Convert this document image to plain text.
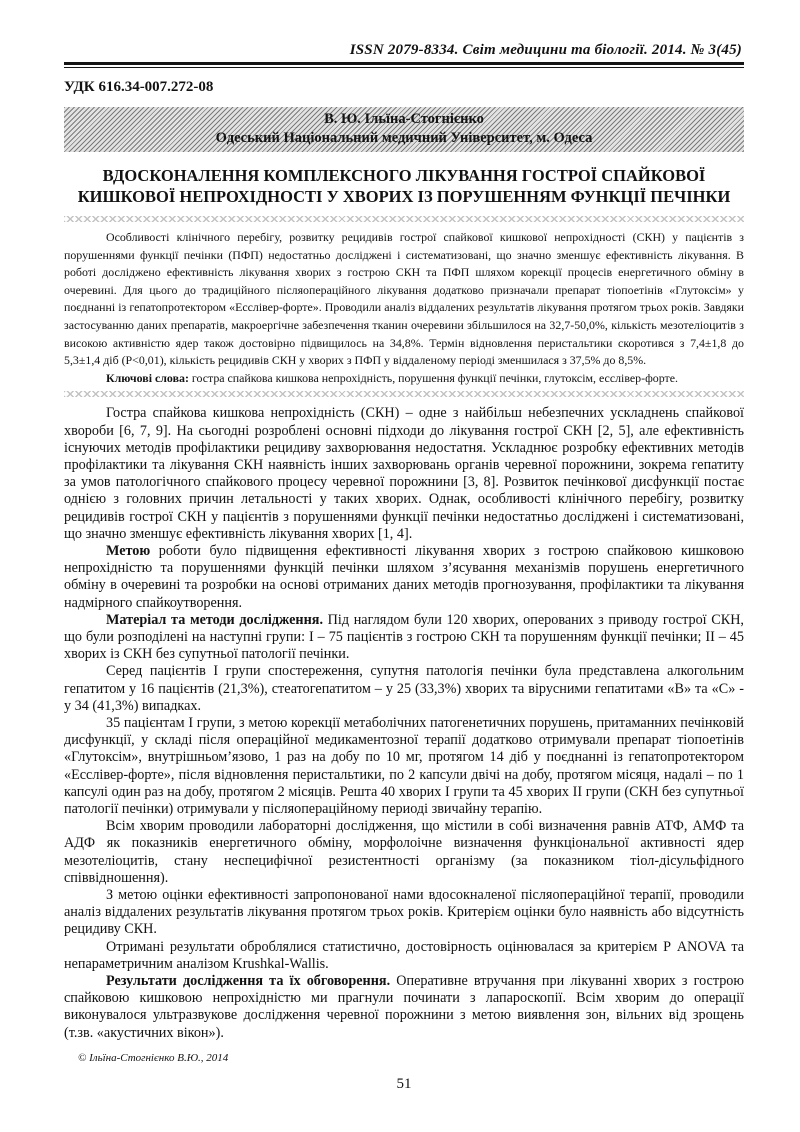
ISSN 2079-8334. Світ медицини та біології. 2014. № 3(45)
УДК 616.34-007.272-08
В. Ю. Ільїна-Стогнієнко
Одеський Національний медичний Університет, м. Одеса
ВДОСКОНАЛЕННЯ КОМПЛЕКСНОГО ЛІКУВАННЯ ГОСТРОЇ СПАЙКОВОЇ КИШКОВОЇ НЕПРОХІДНОСТІ У ХВОРИХ ІЗ ПОРУШЕННЯМ ФУНКЦІЇ ПЕЧІНКИ

Особливості клінічного перебігу, розвитку рецидивів гострої спайкової кишкової непрохідності (СКН) у пацієнтів з порушеннями функції печінки (ПФП) недостатньо досліджені і систематизовані, що значно зменшує ефективність лікування. В роботі досліджено ефективність лікування хворих з гострою СКН та ПФП шляхом корекції процесів енергетичного обміну в очеревині. Для цього до традиційного післяопераційного лікування додатково призначали препарат тіопоетінів «Глутоксім» у поєднанні із гепатопротектором «Есслівер-форте». Проводили аналіз віддалених результатів лікування протягом трьох років. Завдяки застосуванню даних препаратів, макроергічне забезпечення тканин очеревини збільшилося на 32,7-50,0%, кількість мезотеліоцитів з високою активністю ядер також достовірно підвищилось на 34,8%. Термін відновлення перистальтики скоротився з 7,4±1,8 до 5,3±1,4 діб (Р<0,01), кількість рецидивів СКН у хворих з ПФП у віддаленому періоді зменшилася з 37,5% до 8,5%.

Ключові слова: гостра спайкова кишкова непрохідність, порушення функції печінки, глутоксім, есслівер-форте.

Гостра спайкова кишкова непрохідність (СКН) – одне з найбільш небезпечних ускладнень спайкової хвороби [6, 7, 9]. На сьогодні розроблені основні підходи до лікування гострої СКН [2, 5], але ефективність існуючих методів профілактики рецидиву захворювання недостатня. Ускладнює розробку ефективних методів профілактики та лікування СКН наявність інших захворювань органів черевної порожнини, зокрема гепатиту за умов патологічного спайкового процесу черевної порожнини [3, 8]. Розвиток печінкової дисфункції постає однією з головних причин летальності у таких хворих. Однак, особливості клінічного перебігу, розвитку рецидивів гострої СКН у пацієнтів з порушеннями функції печінки недостатньо досліджені і систематизовані, що значно зменшує ефективність лікування хворих [1, 4].

Метою роботи було підвищення ефективності лікування хворих з гострою спайковою кишковою непрохідністю та порушеннями функцій печінки шляхом з’ясування механізмів порушень енергетичного обміну в очеревині та розробки на основі отриманих даних методів прогнозування, профілактики та лікування надмірного спайкоутворення.

Матеріал та методи дослідження. Під наглядом були 120 хворих, оперованих з приводу гострої СКН, що були розподілені на наступні групи: I – 75 пацієнтів з гострою СКН та порушенням функції печінки; II – 45 хворих із СКН без супутньої патології печінки.

Серед пацієнтів I групи спостереження, супутня патологія печінки була представлена алкогольним гепатитом у 16 пацієнтів (21,3%), стеатогепатитом – у 25 (33,3%) хворих та вірусними гепатитами «В» та «С» - у 34 (41,3%) випадках.

35 пацієнтам I групи, з метою корекції метаболічних патогенетичних порушень, притаманних печінковій дисфункції, у складі після операційної медикаментозної терапії додатково отримували препарат тіопоетінів «Глутоксім», внутрішньом’язово, 1 раз на добу по 10 мг, протягом 14 діб у поєднанні із гепатопротектором «Есслівер-форте», після відновлення перистальтики, по 2 капсули двічі на добу, протягом місяця, надалі – по 1 капсулі один раз на добу, протягом 2 місяців. Решта 40 хворих I групи та 45 хворих II групи (СКН без супутньої патології печінки) отримували у післяопераційному периоді звичайну терапію.

Всім хворим проводили лабораторні дослідження, що містили в собі визначення равнів АТФ, АМФ та АДФ як показників енергетичного обміну, морфолоічне визначення функціональної активності ядер мезотеліоцитів, стану неспецифічної резистентності організму (за показником тіол-дісульфідного співвідношення).

З метою оцінки ефективності запропонованої нами вдосокналеної післяопераційної терапії, проводили аналіз віддалених результатів лікування протягом трьох років. Критерієм оцінки було наявність або відсутність рецидиву СКН.

Отримані результати оброблялися статистично, достовірность оцінювалася за критерієм Р ANOVA та непараметричним аналізом Krushkal-Wallis.

Результати дослідження та їх обговорення. Оперативне втручання при лікуванні хворих з гострою спайковою кишковою непрохідністю ми прагнули починати з лапароскопії. Всім хворим до операції виконувалося ультразвукове дослідження черевної порожнини з метою виявлення зон, вільних від зрощень (т.зв. «акустичних вікон»).

© Ільїна-Стогнієнко В.Ю., 2014
51
